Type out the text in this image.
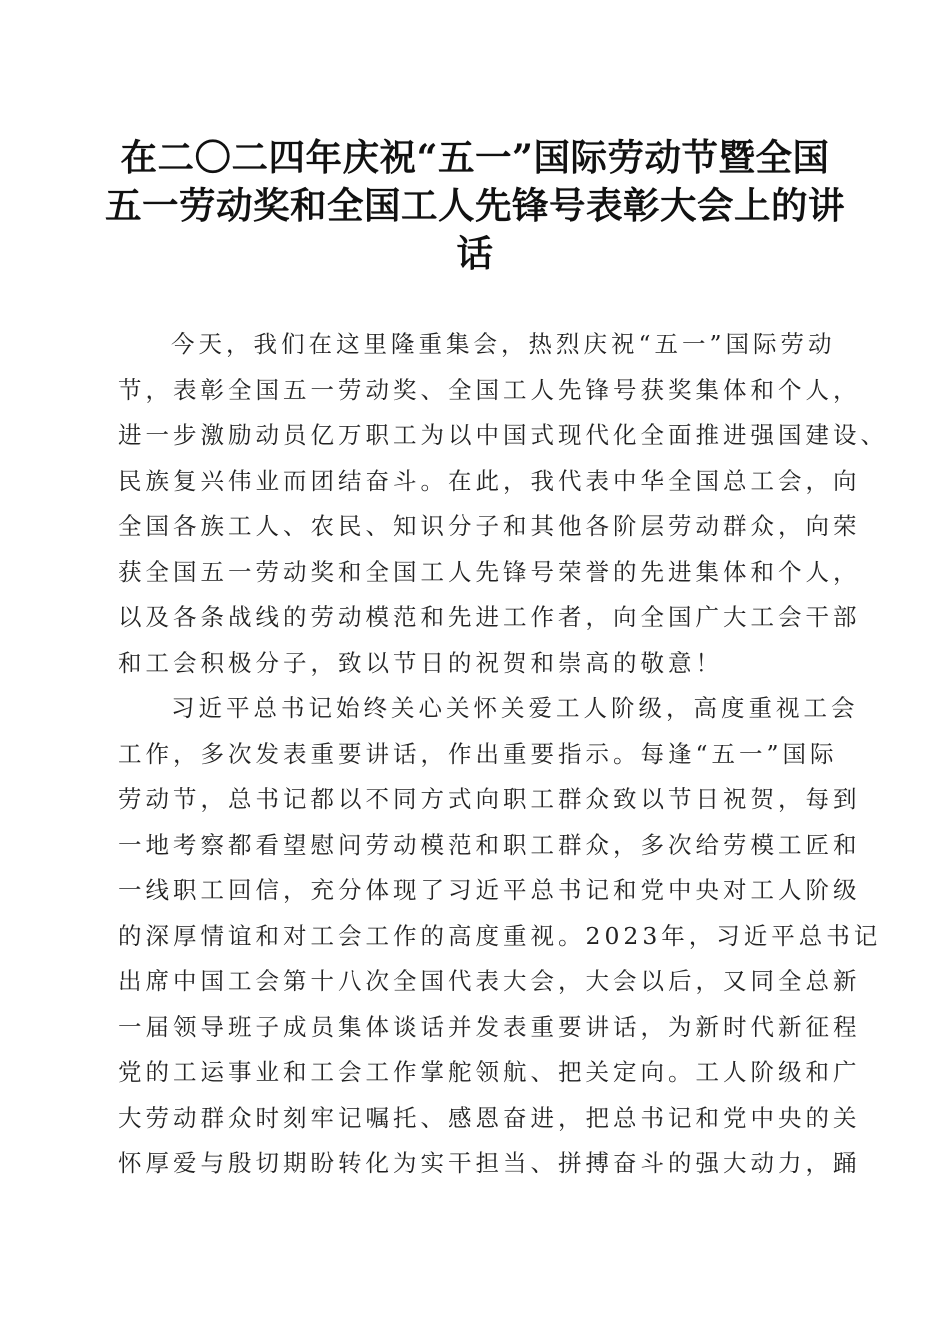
在二〇二四年庆祝“五一”国际劳动节暨全国
五一劳动奖和全国工人先锋号表彰大会上的讲
话
今天，我们在这里隆重集会，热烈庆祝“五一”国际劳动
节，表彰全国五一劳动奖、全国工人先锋号获奖集体和个人，
进一步激励动员亿万职工为以中国式现代化全面推进强国建设、
民族复兴伟业而团结奋斗。在此，我代表中华全国总工会，向
全国各族工人、农民、知识分子和其他各阶层劳动群众，向荣
获全国五一劳动奖和全国工人先锋号荣誉的先进集体和个人，
以及各条战线的劳动模范和先进工作者，向全国广大工会干部
和工会积极分子，致以节日的祝贺和崇高的敬意！
习近平总书记始终关心关怀关爱工人阶级，高度重视工会
工作，多次发表重要讲话，作出重要指示。每逢“五一”国际
劳动节，总书记都以不同方式向职工群众致以节日祝贺，每到
一地考察都看望慰问劳动模范和职工群众，多次给劳模工匠和
一线职工回信，充分体现了习近平总书记和党中央对工人阶级
的深厚情谊和对工会工作的高度重视。2023年，习近平总书记
出席中国工会第十八次全国代表大会，大会以后，又同全总新
一届领导班子成员集体谈话并发表重要讲话，为新时代新征程
党的工运事业和工会工作掌舵领航、把关定向。工人阶级和广
大劳动群众时刻牢记嘱托、感恩奋进，把总书记和党中央的关
怀厚爱与殷切期盼转化为实干担当、拼搏奋斗的强大动力，踊
